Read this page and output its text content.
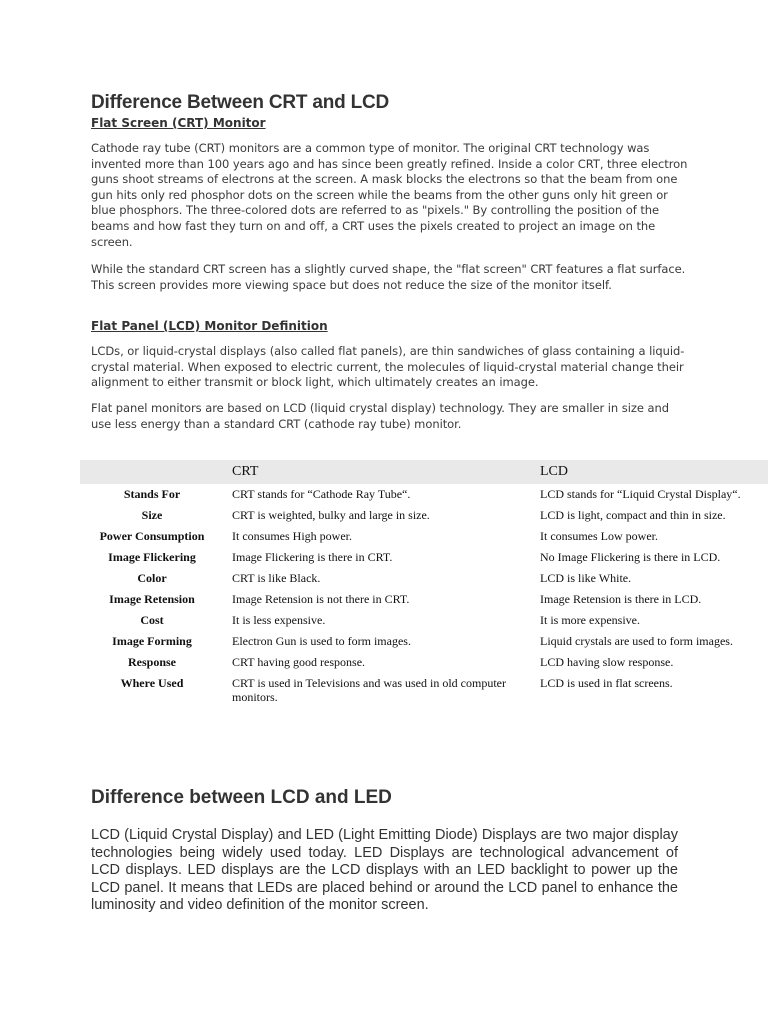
Difference Between CRT and LCD
Flat Screen (CRT) Monitor

Cathode ray tube (CRT) monitors are a common type of monitor. The original CRT technology was invented more than 100 years ago and has since been greatly refined. Inside a color CRT, three electron guns shoot streams of electrons at the screen. A mask blocks the electrons so that the beam from one gun hits only red phosphor dots on the screen while the beams from the other guns only hit green or blue phosphors. The three-colored dots are referred to as "pixels." By controlling the position of the beams and how fast they turn on and off, a CRT uses the pixels created to project an image on the screen.

While the standard CRT screen has a slightly curved shape, the "flat screen" CRT features a flat surface. This screen provides more viewing space but does not reduce the size of the monitor itself.

Flat Panel (LCD) Monitor Definition

LCDs, or liquid-crystal displays (also called flat panels), are thin sandwiches of glass containing a liquid-crystal material. When exposed to electric current, the molecules of liquid-crystal material change their alignment to either transmit or block light, which ultimately creates an image.

Flat panel monitors are based on LCD (liquid crystal display) technology. They are smaller in size and use less energy than a standard CRT (cathode ray tube) monitor.

	CRT	LCD
Stands For	CRT stands for “Cathode Ray Tube“.	LCD stands for “Liquid Crystal Display“.
Size	CRT is weighted, bulky and large in size.	LCD is light, compact and thin in size.
Power Consumption	It consumes High power.	It consumes Low power.
Image Flickering	Image Flickering is there in CRT.	No Image Flickering is there in LCD.
Color	CRT is like Black.	LCD is like White.
Image Retension	Image Retension is not there in CRT.	Image Retension is there in LCD.
Cost	It is less expensive.	It is more expensive.
Image Forming	Electron Gun is used to form images.	Liquid crystals are used to form images.
Response	CRT having good response.	LCD having slow response.
Where Used	CRT is used in Televisions and was used in old computer monitors.	LCD is used in flat screens.
Difference between LCD and LED

LCD (Liquid Crystal Display) and LED (Light Emitting Diode) Displays are two major display technologies being widely used today. LED Displays are technological advancement of LCD displays. LED displays are the LCD displays with an LED backlight to power up the LCD panel. It means that LEDs are placed behind or around the LCD panel to enhance the luminosity and video definition of the monitor screen.
